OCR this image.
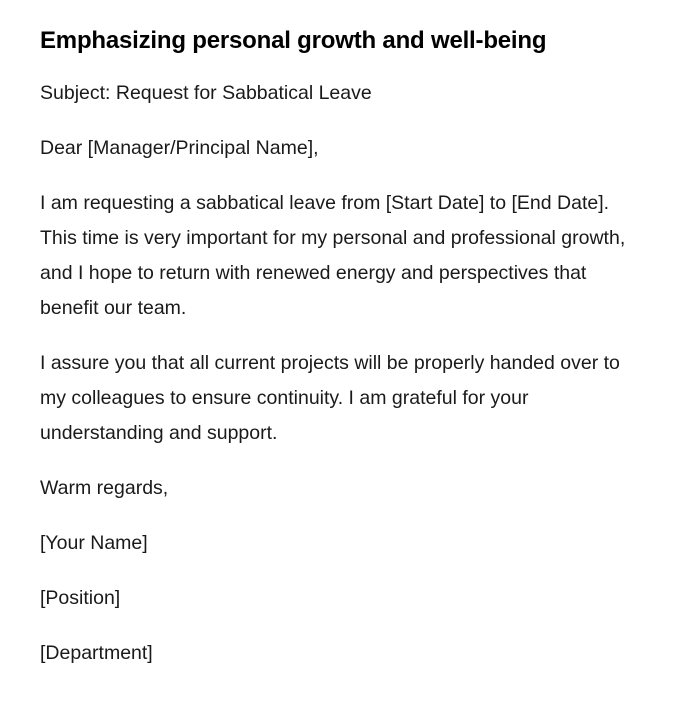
Emphasizing personal growth and well-being

Subject: Request for Sabbatical Leave

Dear [Manager/Principal Name],

I am requesting a sabbatical leave from [Start Date] to [End Date]. This time is very important for my personal and professional growth, and I hope to return with renewed energy and perspectives that benefit our team.

I assure you that all current projects will be properly handed over to my colleagues to ensure continuity. I am grateful for your understanding and support.

Warm regards,

[Your Name]

[Position]

[Department]
